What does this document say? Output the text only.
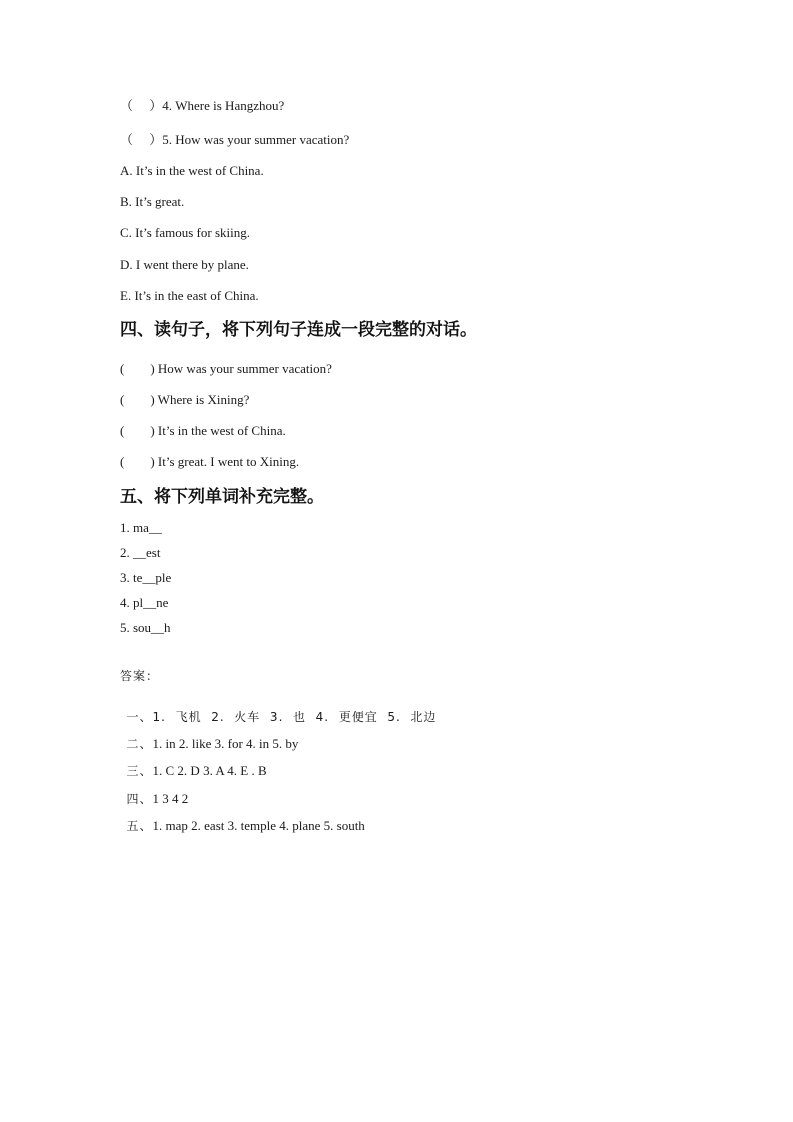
（　 ）4. Where is Hangzhou?
（　 ）5. How was your summer vacation?
A. It’s in the west of China.
B. It’s great.
C. It’s famous for skiing.
D. I went there by plane.
E. It’s in the east of China.
四、读句子，将下列句子连成一段完整的对话。
(        ) How was your summer vacation?
(        ) Where is Xining?
(        ) It’s in the west of China.
(        ) It’s great. I went to Xining.
五、将下列单词补充完整。
1. ma__
2. __est
3. te__ple
4. pl__ne
5. sou__h
答案：

一、1.  飞机  2.  火车  3.  也  4.  更便宜  5.  北边

二、1. in 2. like 3. for 4. in 5. by

三、1. C 2. D 3. A 4. E . B

四、1 3 4 2

五、1. map 2. east 3. temple 4. plane 5. south
